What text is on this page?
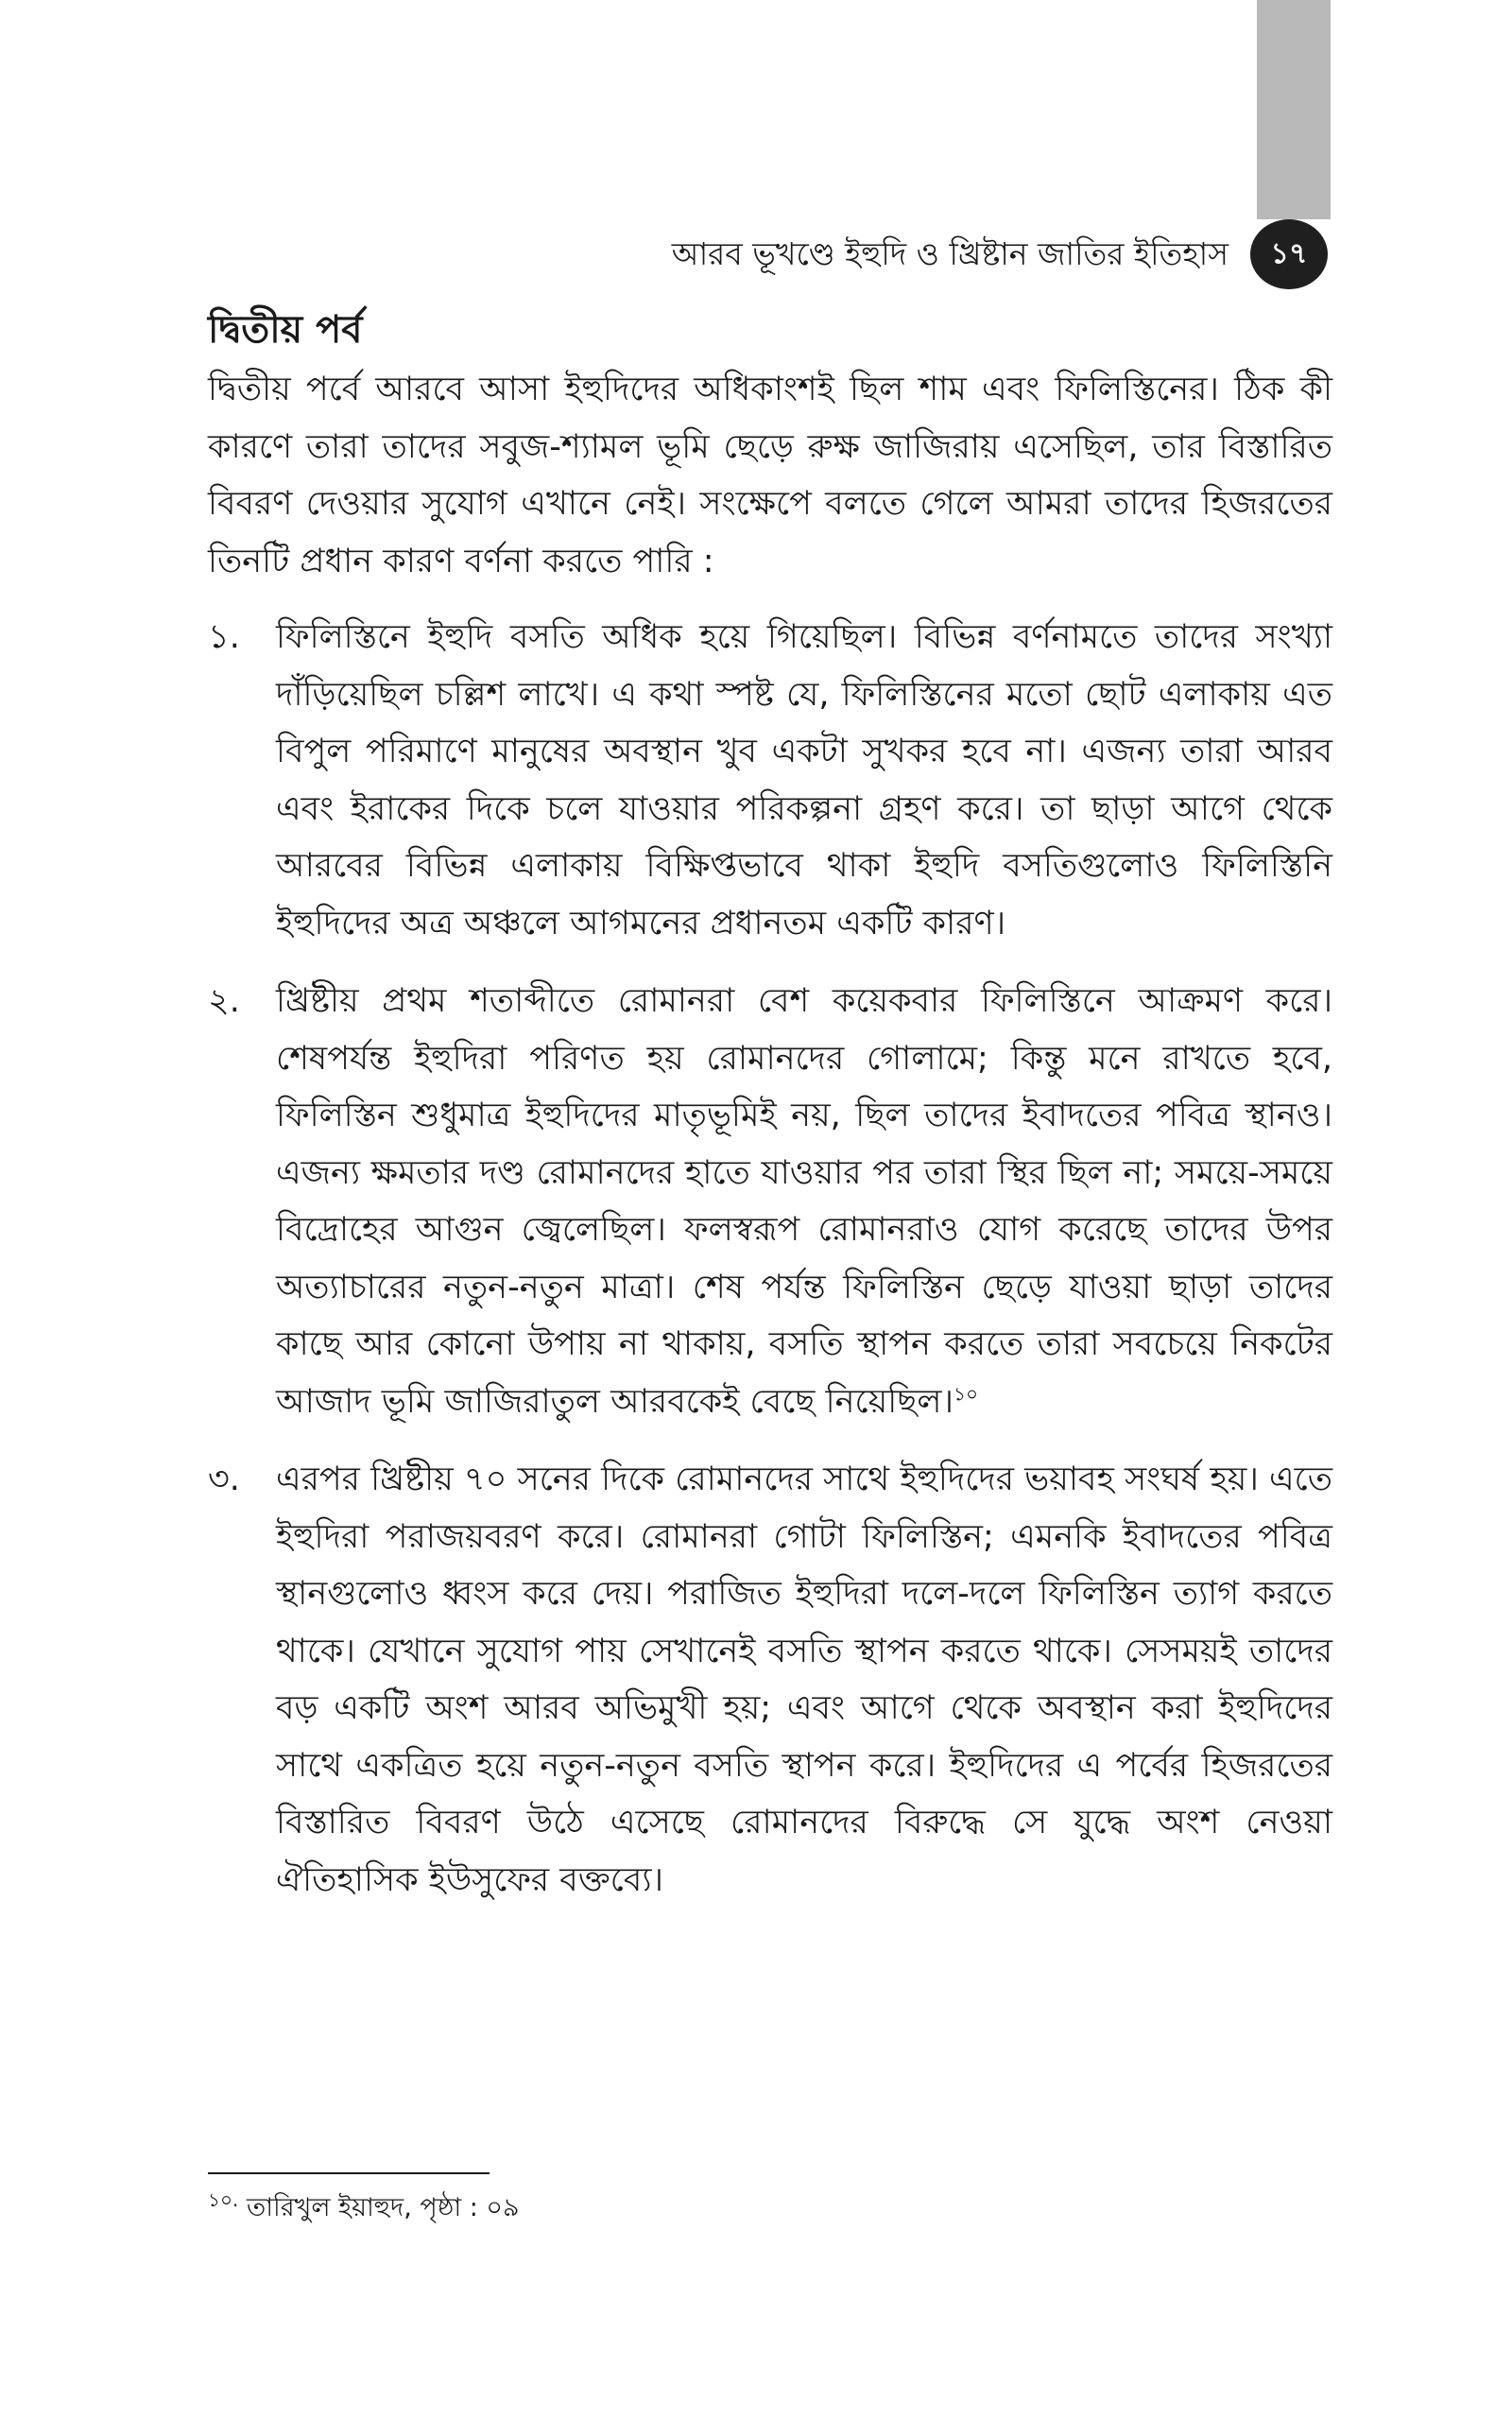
আরব ভূখণ্ডে ইহুদি ও খ্রিষ্টান জাতির ইতিহাস	১৭
দ্বিতীয় পর্ব

দ্বিতীয় পর্বে আরবে আসা ইহুদিদের অধিকাংশই ছিল শাম এবং ফিলিস্তিনের। ঠিক কী কারণে তারা তাদের সবুজ-শ্যামল ভূমি ছেড়ে রুক্ষ জাজিরায় এসেছিল, তার বিস্তারিত বিবরণ দেওয়ার সুযোগ এখানে নেই। সংক্ষেপে বলতে গেলে আমরা তাদের হিজরতের তিনটি প্রধান কারণ বর্ণনা করতে পারি :

১.	ফিলিস্তিনে ইহুদি বসতি অধিক হয়ে গিয়েছিল। বিভিন্ন বর্ণনামতে তাদের সংখ্যা দাঁড়িয়েছিল চল্লিশ লাখে। এ কথা স্পষ্ট যে, ফিলিস্তিনের মতো ছোট এলাকায় এত বিপুল পরিমাণে মানুষের অবস্থান খুব একটা সুখকর হবে না। এজন্য তারা আরব এবং ইরাকের দিকে চলে যাওয়ার পরিকল্পনা গ্রহণ করে। তা ছাড়া আগে থেকে আরবের বিভিন্ন এলাকায় বিক্ষিপ্তভাবে থাকা ইহুদি বসতিগুলোও ফিলিস্তিনি ইহুদিদের অত্র অঞ্চলে আগমনের প্রধানতম একটি কারণ।
২.	খ্রিষ্টীয় প্রথম শতাব্দীতে রোমানরা বেশ কয়েকবার ফিলিস্তিনে আক্রমণ করে। শেষপর্যন্ত ইহুদিরা পরিণত হয় রোমানদের গোলামে; কিন্তু মনে রাখতে হবে, ফিলিস্তিন শুধুমাত্র ইহুদিদের মাতৃভূমিই নয়, ছিল তাদের ইবাদতের পবিত্র স্থানও। এজন্য ক্ষমতার দণ্ড রোমানদের হাতে যাওয়ার পর তারা স্থির ছিল না; সময়ে-সময়ে বিদ্রোহের আগুন জ্বেলেছিল। ফলস্বরূপ রোমানরাও যোগ করেছে তাদের উপর অত্যাচারের নতুন-নতুন মাত্রা। শেষ পর্যন্ত ফিলিস্তিন ছেড়ে যাওয়া ছাড়া তাদের কাছে আর কোনো উপায় না থাকায়, বসতি স্থাপন করতে তারা সবচেয়ে নিকটের আজাদ ভূমি জাজিরাতুল আরবকেই বেছে নিয়েছিল।$^{১০}$
৩.	এরপর খ্রিষ্টীয় ৭০ সনের দিকে রোমানদের সাথে ইহুদিদের ভয়াবহ সংঘর্ষ হয়। এতে ইহুদিরা পরাজয়বরণ করে। রোমানরা গোটা ফিলিস্তিন; এমনকি ইবাদতের পবিত্র স্থানগুলোও ধ্বংস করে দেয়। পরাজিত ইহুদিরা দলে-দলে ফিলিস্তিন ত্যাগ করতে থাকে। যেখানে সুযোগ পায় সেখানেই বসতি স্থাপন করতে থাকে। সেসময়ই তাদের বড় একটি অংশ আরব অভিমুখী হয়; এবং আগে থেকে অবস্থান করা ইহুদিদের সাথে একত্রিত হয়ে নতুন-নতুন বসতি স্থাপন করে। ইহুদিদের এ পর্বের হিজরতের বিস্তারিত বিবরণ উঠে এসেছে রোমানদের বিরুদ্ধে সে যুদ্ধে অংশ নেওয়া ঐতিহাসিক ইউসুফের বক্তব্যে।
$^{১০.}$ তারিখুল ইয়াহুদ, পৃষ্ঠা : ০৯
